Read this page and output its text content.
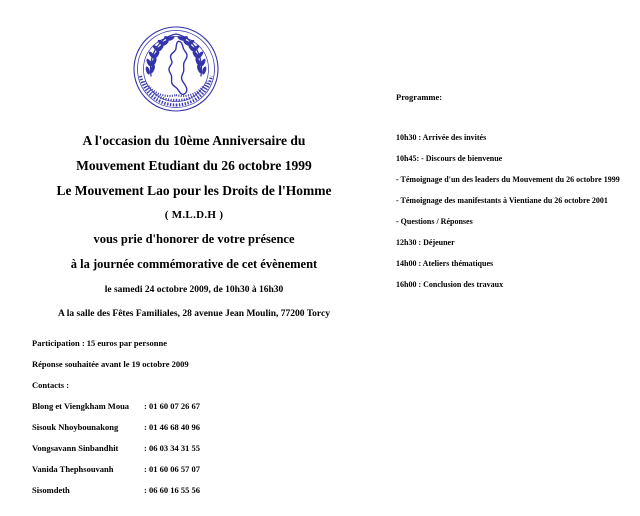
A l'occasion du 10ème Anniversaire du
Mouvement Etudiant du 26 octobre 1999
Le Mouvement Lao pour les Droits de l'Homme
( M.L.D.H )
vous prie d'honorer de votre présence
à la journée commémorative de cet évènement
le samedi 24 octobre 2009, de 10h30 à 16h30
A la salle des Fêtes Familiales, 28 avenue Jean Moulin, 77200 Torcy
Participation : 15 euros par personne
Réponse souhaitée avant le 19 octobre 2009
Contacts :
Blong et Viengkham Moua	: 01 60 07 26 67
Sisouk Nhoybounakong	: 01 46 68 40 96
Vongsavann Sinbandhit	: 06 03 34 31 55
Vanida Thephsouvanh	: 01 60 06 57 07
Sisomdeth	: 06 60 16 55 56
Programme:
10h30 : Arrivée des invités
10h45: - Discours de bienvenue
- Témoignage d'un des leaders du Mouvement du 26 octobre 1999
- Témoignage des manifestants à Vientiane du 26 octobre 2001
- Questions / Réponses
12h30 : Déjeuner
14h00 : Ateliers thématiques
16h00 : Conclusion des travaux
